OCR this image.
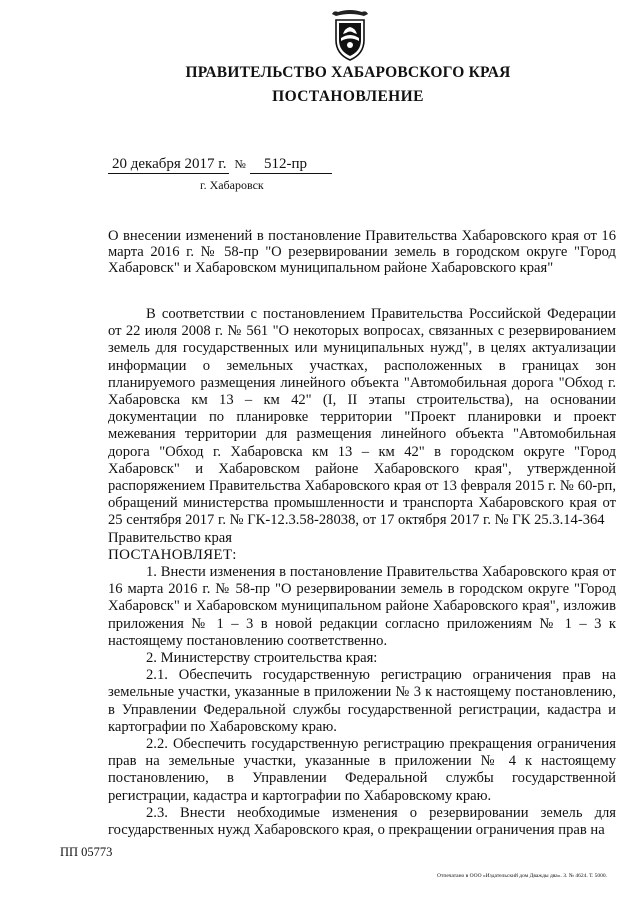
ПРАВИТЕЛЬСТВО ХАБАРОВСКОГО КРАЯ
ПОСТАНОВЛЕНИЕ
20 декабря 2017 г. № 512-пр
г. Хабаровск
О внесении изменений в постановление Правительства Хабаровского края от 16 марта 2016 г. № 58-пр "О резервировании земель в городском округе "Город Хабаровск" и Хабаровском муниципальном районе Хабаровского края"

В соответствии с постановлением Правительства Российской Федерации от 22 июля 2008 г. № 561 "О некоторых вопросах, связанных с резервированием земель для государственных или муниципальных нужд", в целях актуализации информации о земельных участках, расположенных в границах зон планируемого размещения линейного объекта "Автомобильная дорога "Обход г. Хабаровска км 13 – км 42" (I, II этапы строительства), на основании документации по планировке территории "Проект планировки и проект межевания территории для размещения линейного объекта "Автомобильная дорога "Обход г. Хабаровска км 13 – км 42" в городском округе "Город Хабаровск" и Хабаровском районе Хабаровского края", утвержденной распоряжением Правительства Хабаровского края от 13 февраля 2015 г. № 60-рп, обращений министерства промышленности и транспорта Хабаровского края от 25 сентября 2017 г. № ГК-12.3.58-28038, от 17 октября 2017 г. № ГК 25.3.14-364

Правительство края

ПОСТАНОВЛЯЕТ:

1. Внести изменения в постановление Правительства Хабаровского края от 16 марта 2016 г. № 58-пр "О резервировании земель в городском округе "Город Хабаровск" и Хабаровском муниципальном районе Хабаровского края", изложив приложения № 1 – 3 в новой редакции согласно приложениям № 1 – 3 к настоящему постановлению соответственно.

2. Министерству строительства края:

2.1. Обеспечить государственную регистрацию ограничения прав на земельные участки, указанные в приложении № 3 к настоящему постановлению, в Управлении Федеральной службы государственной регистрации, кадастра и картографии по Хабаровскому краю.

2.2. Обеспечить государственную регистрацию прекращения ограничения прав на земельные участки, указанные в приложении № 4 к настоящему постановлению, в Управлении Федеральной службы государственной регистрации, кадастра и картографии по Хабаровскому краю.

2.3. Внести необходимые изменения о резервировании земель для государственных нужд Хабаровского края, о прекращении ограничения прав на

ПП 05773
Отпечатано в ООО «Издательский дом Дважды два». З. № 4624. Т. 5000.
